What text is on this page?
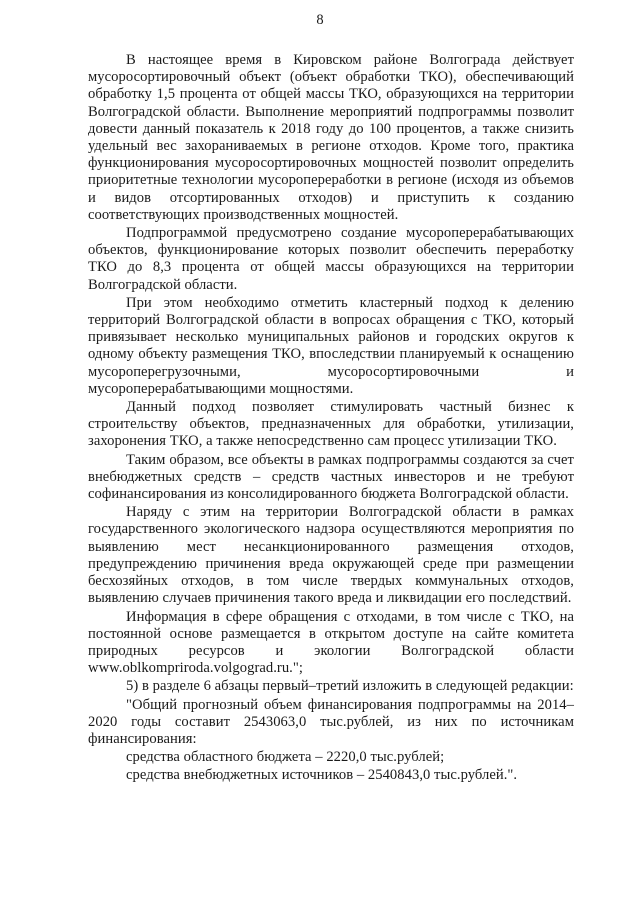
8

В настоящее время в Кировском районе Волгограда действует мусоросортировочный объект (объект обработки ТКО), обеспечивающий обработку 1,5 процента от общей массы ТКО, образующихся на территории Волгоградской области. Выполнение мероприятий подпрограммы позволит довести данный показатель к 2018 году до 100 процентов, а также снизить удельный вес захораниваемых в регионе отходов. Кроме того, практика функционирования мусоросортировочных мощностей позволит определить приоритетные технологии мусоропереработки в регионе (исходя из объемов и видов отсортированных отходов) и приступить к созданию соответствующих производственных мощностей.

Подпрограммой предусмотрено создание мусороперерабатывающих объектов, функционирование которых позволит обеспечить переработку ТКО до 8,3 процента от общей массы образующихся на территории Волгоградской области.

При этом необходимо отметить кластерный подход к делению территорий Волгоградской области в вопросах обращения с ТКО, который привязывает несколько муниципальных районов и городских округов к одному объекту размещения ТКО, впоследствии планируемый к оснащению мусороперегрузочными, мусоросортировочными и мусороперерабатывающими мощностями.

Данный подход позволяет стимулировать частный бизнес к строительству объектов, предназначенных для обработки, утилизации, захоронения ТКО, а также непосредственно сам процесс утилизации ТКО.

Таким образом, все объекты в рамках подпрограммы создаются за счет внебюджетных средств – средств частных инвесторов и не требуют софинансирования из консолидированного бюджета Волгоградской области.

Наряду с этим на территории Волгоградской области в рамках государственного экологического надзора осуществляются мероприятия по выявлению мест несанкционированного размещения отходов, предупреждению причинения вреда окружающей среде при размещении бесхозяйных отходов, в том числе твердых коммунальных отходов, выявлению случаев причинения такого вреда и ликвидации его последствий.

Информация в сфере обращения с отходами, в том числе с ТКО, на постоянной основе размещается в открытом доступе на сайте комитета природных ресурсов и экологии Волгоградской области www.oblkompriroda.volgograd.ru.";

5) в разделе 6 абзацы первый–третий изложить в следующей редакции:

"Общий прогнозный объем финансирования подпрограммы на 2014–2020 годы составит 2543063,0 тыс.рублей, из них по источникам финансирования:

средства областного бюджета – 2220,0 тыс.рублей;

средства внебюджетных источников – 2540843,0 тыс.рублей.".
